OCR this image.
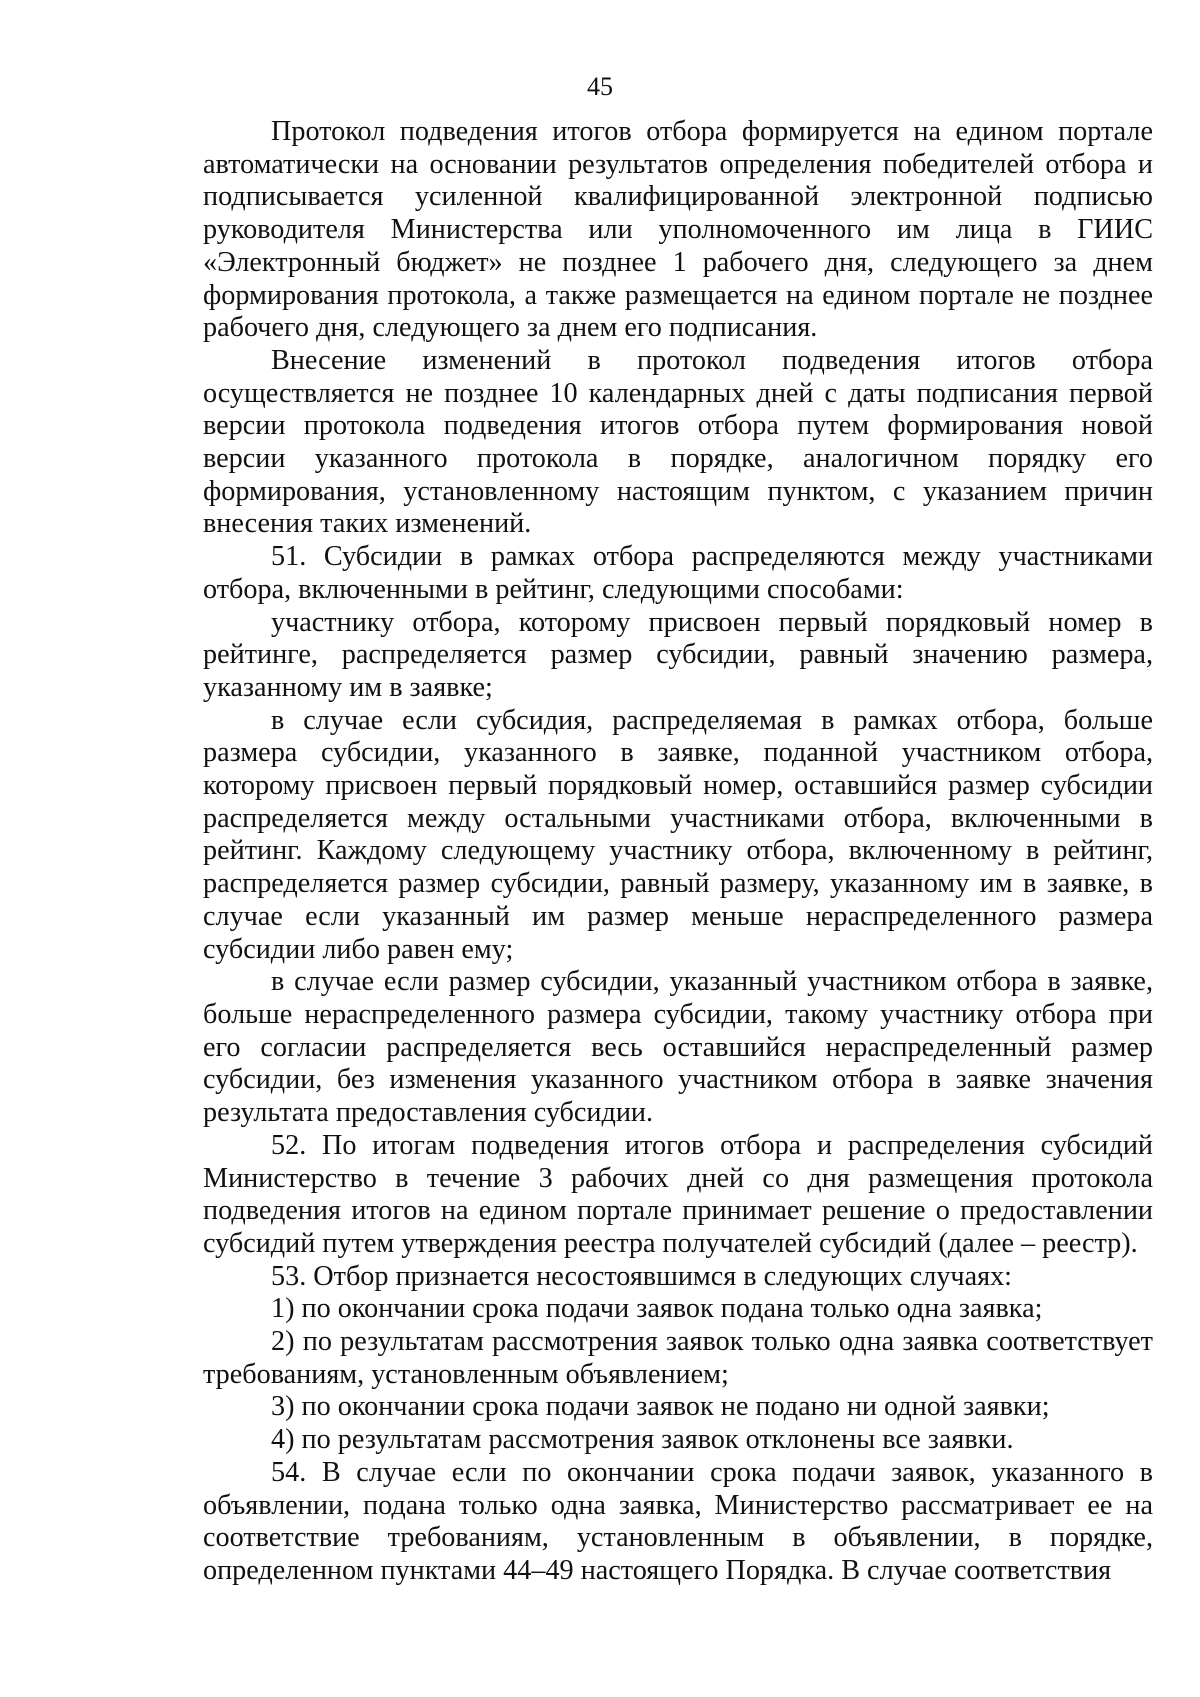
45

Протокол подведения итогов отбора формируется на едином портале автоматически на основании результатов определения победителей отбора и подписывается усиленной квалифицированной электронной подписью руководителя Министерства или уполномоченного им лица в ГИИС «Электронный бюджет» не позднее 1 рабочего дня, следующего за днем формирования протокола, а также размещается на едином портале не позднее рабочего дня, следующего за днем его подписания.

Внесение изменений в протокол подведения итогов отбора осуществляется не позднее 10 календарных дней с даты подписания первой версии протокола подведения итогов отбора путем формирования новой версии указанного протокола в порядке, аналогичном порядку его формирования, установленному настоящим пунктом, с указанием причин внесения таких изменений.

51. Субсидии в рамках отбора распределяются между участниками отбора, включенными в рейтинг, следующими способами:

участнику отбора, которому присвоен первый порядковый номер в рейтинге, распределяется размер субсидии, равный значению размера, указанному им в заявке;

в случае если субсидия, распределяемая в рамках отбора, больше размера субсидии, указанного в заявке, поданной участником отбора, которому присвоен первый порядковый номер, оставшийся размер субсидии распределяется между остальными участниками отбора, включенными в рейтинг. Каждому следующему участнику отбора, включенному в рейтинг, распределяется размер субсидии, равный размеру, указанному им в заявке, в случае если указанный им размер меньше нераспределенного размера субсидии либо равен ему;

в случае если размер субсидии, указанный участником отбора в заявке, больше нераспределенного размера субсидии, такому участнику отбора при его согласии распределяется весь оставшийся нераспределенный размер субсидии, без изменения указанного участником отбора в заявке значения результата предоставления субсидии.

52. По итогам подведения итогов отбора и распределения субсидий Министерство в течение 3 рабочих дней со дня размещения протокола подведения итогов на едином портале принимает решение о предоставлении субсидий путем утверждения реестра получателей субсидий (далее – реестр).

53. Отбор признается несостоявшимся в следующих случаях:

1) по окончании срока подачи заявок подана только одна заявка;

2) по результатам рассмотрения заявок только одна заявка соответствует требованиям, установленным объявлением;

3) по окончании срока подачи заявок не подано ни одной заявки;

4) по результатам рассмотрения заявок отклонены все заявки.

54. В случае если по окончании срока подачи заявок, указанного в объявлении, подана только одна заявка, Министерство рассматривает ее на соответствие требованиям, установленным в объявлении, в порядке, определенном пунктами 44–49 настоящего Порядка. В случае соответствия
